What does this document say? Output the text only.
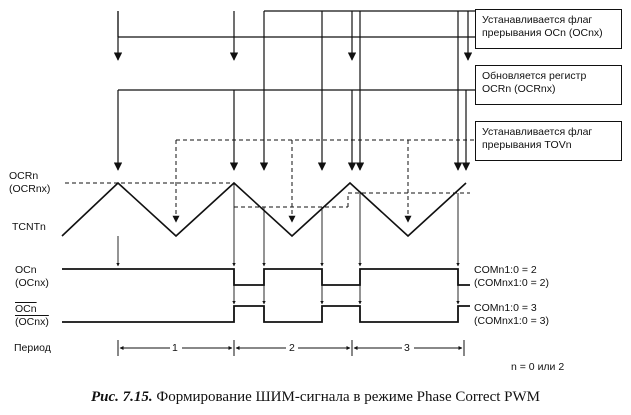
Устанавливается флаг
прерывания OCn (OCnx)
Обновляется регистр
OCRn (OCRnx)
Устанавливается флаг
прерывания TOVn
OCRn
(OCRnx)
TCNTn
OCn
(OCnx)
$\overline{OCn}$
(OCnx)
COMn1:0 = 2
(COMnx1:0 = 2)
COMn1:0 = 3
(COMnx1:0 = 3)
Период	1	2	3
n = 0 или 2
Рис. 7.15. Формирование ШИМ-сигнала в режиме Phase Correct PWM
